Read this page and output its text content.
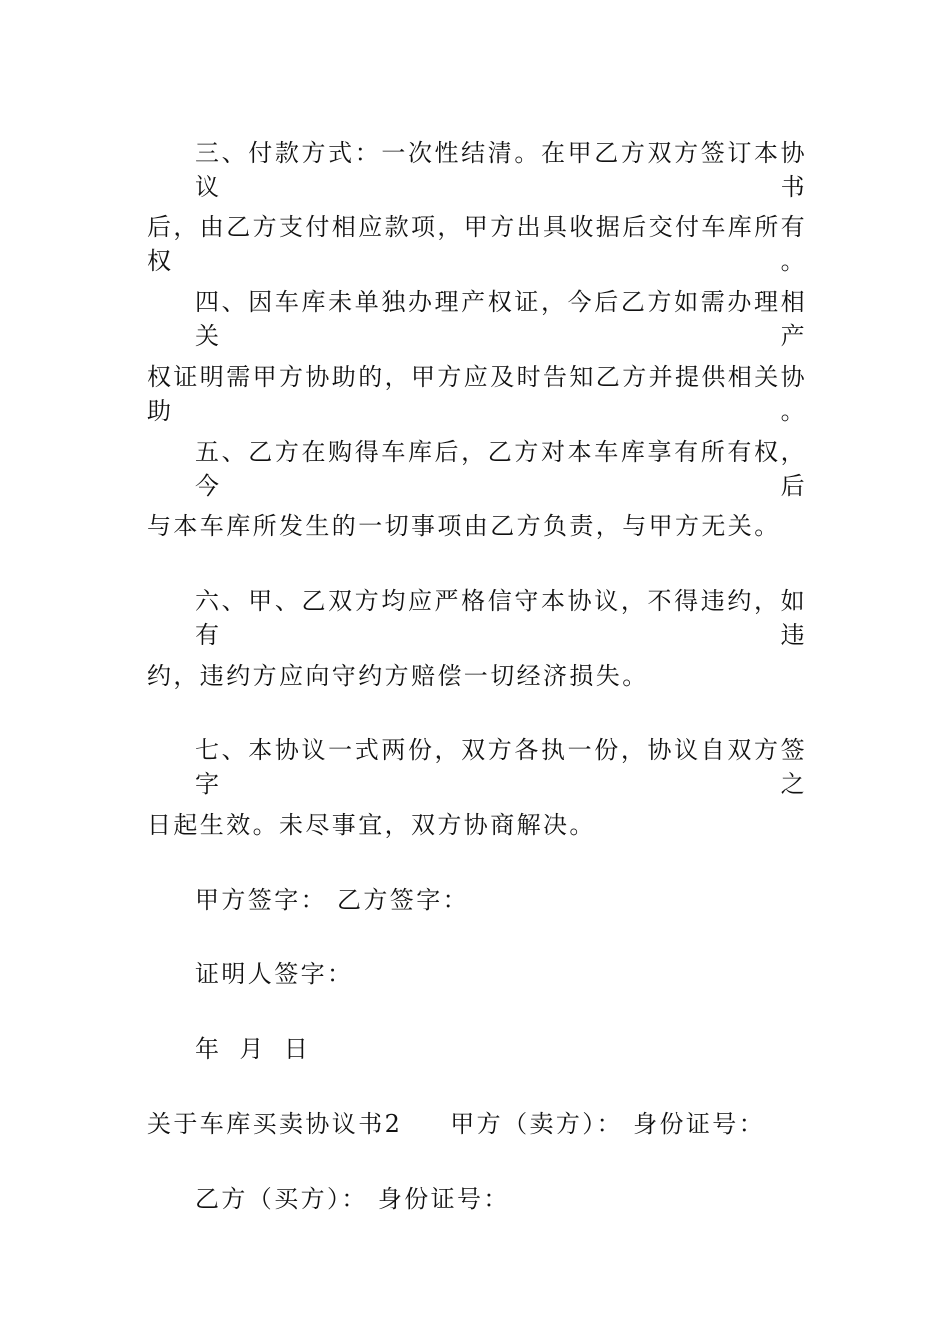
三、付款方式：一次性结清。在甲乙方双方签订本协议书
后，由乙方支付相应款项，甲方出具收据后交付车库所有权。
四、因车库未单独办理产权证，今后乙方如需办理相关产
权证明需甲方协助的，甲方应及时告知乙方并提供相关协助。
五、乙方在购得车库后，乙方对本车库享有所有权，今后
与本车库所发生的一切事项由乙方负责，与甲方无关。
六、甲、乙双方均应严格信守本协议，不得违约，如有违
约，违约方应向守约方赔偿一切经济损失。
七、本协议一式两份，双方各执一份，协议自双方签字之
日起生效。未尽事宜，双方协商解决。
甲方签字： 乙方签字：
证明人签字：
年 月 日
关于车库买卖协议书2 甲方（卖方）： 身份证号：
乙方（买方）： 身份证号：
